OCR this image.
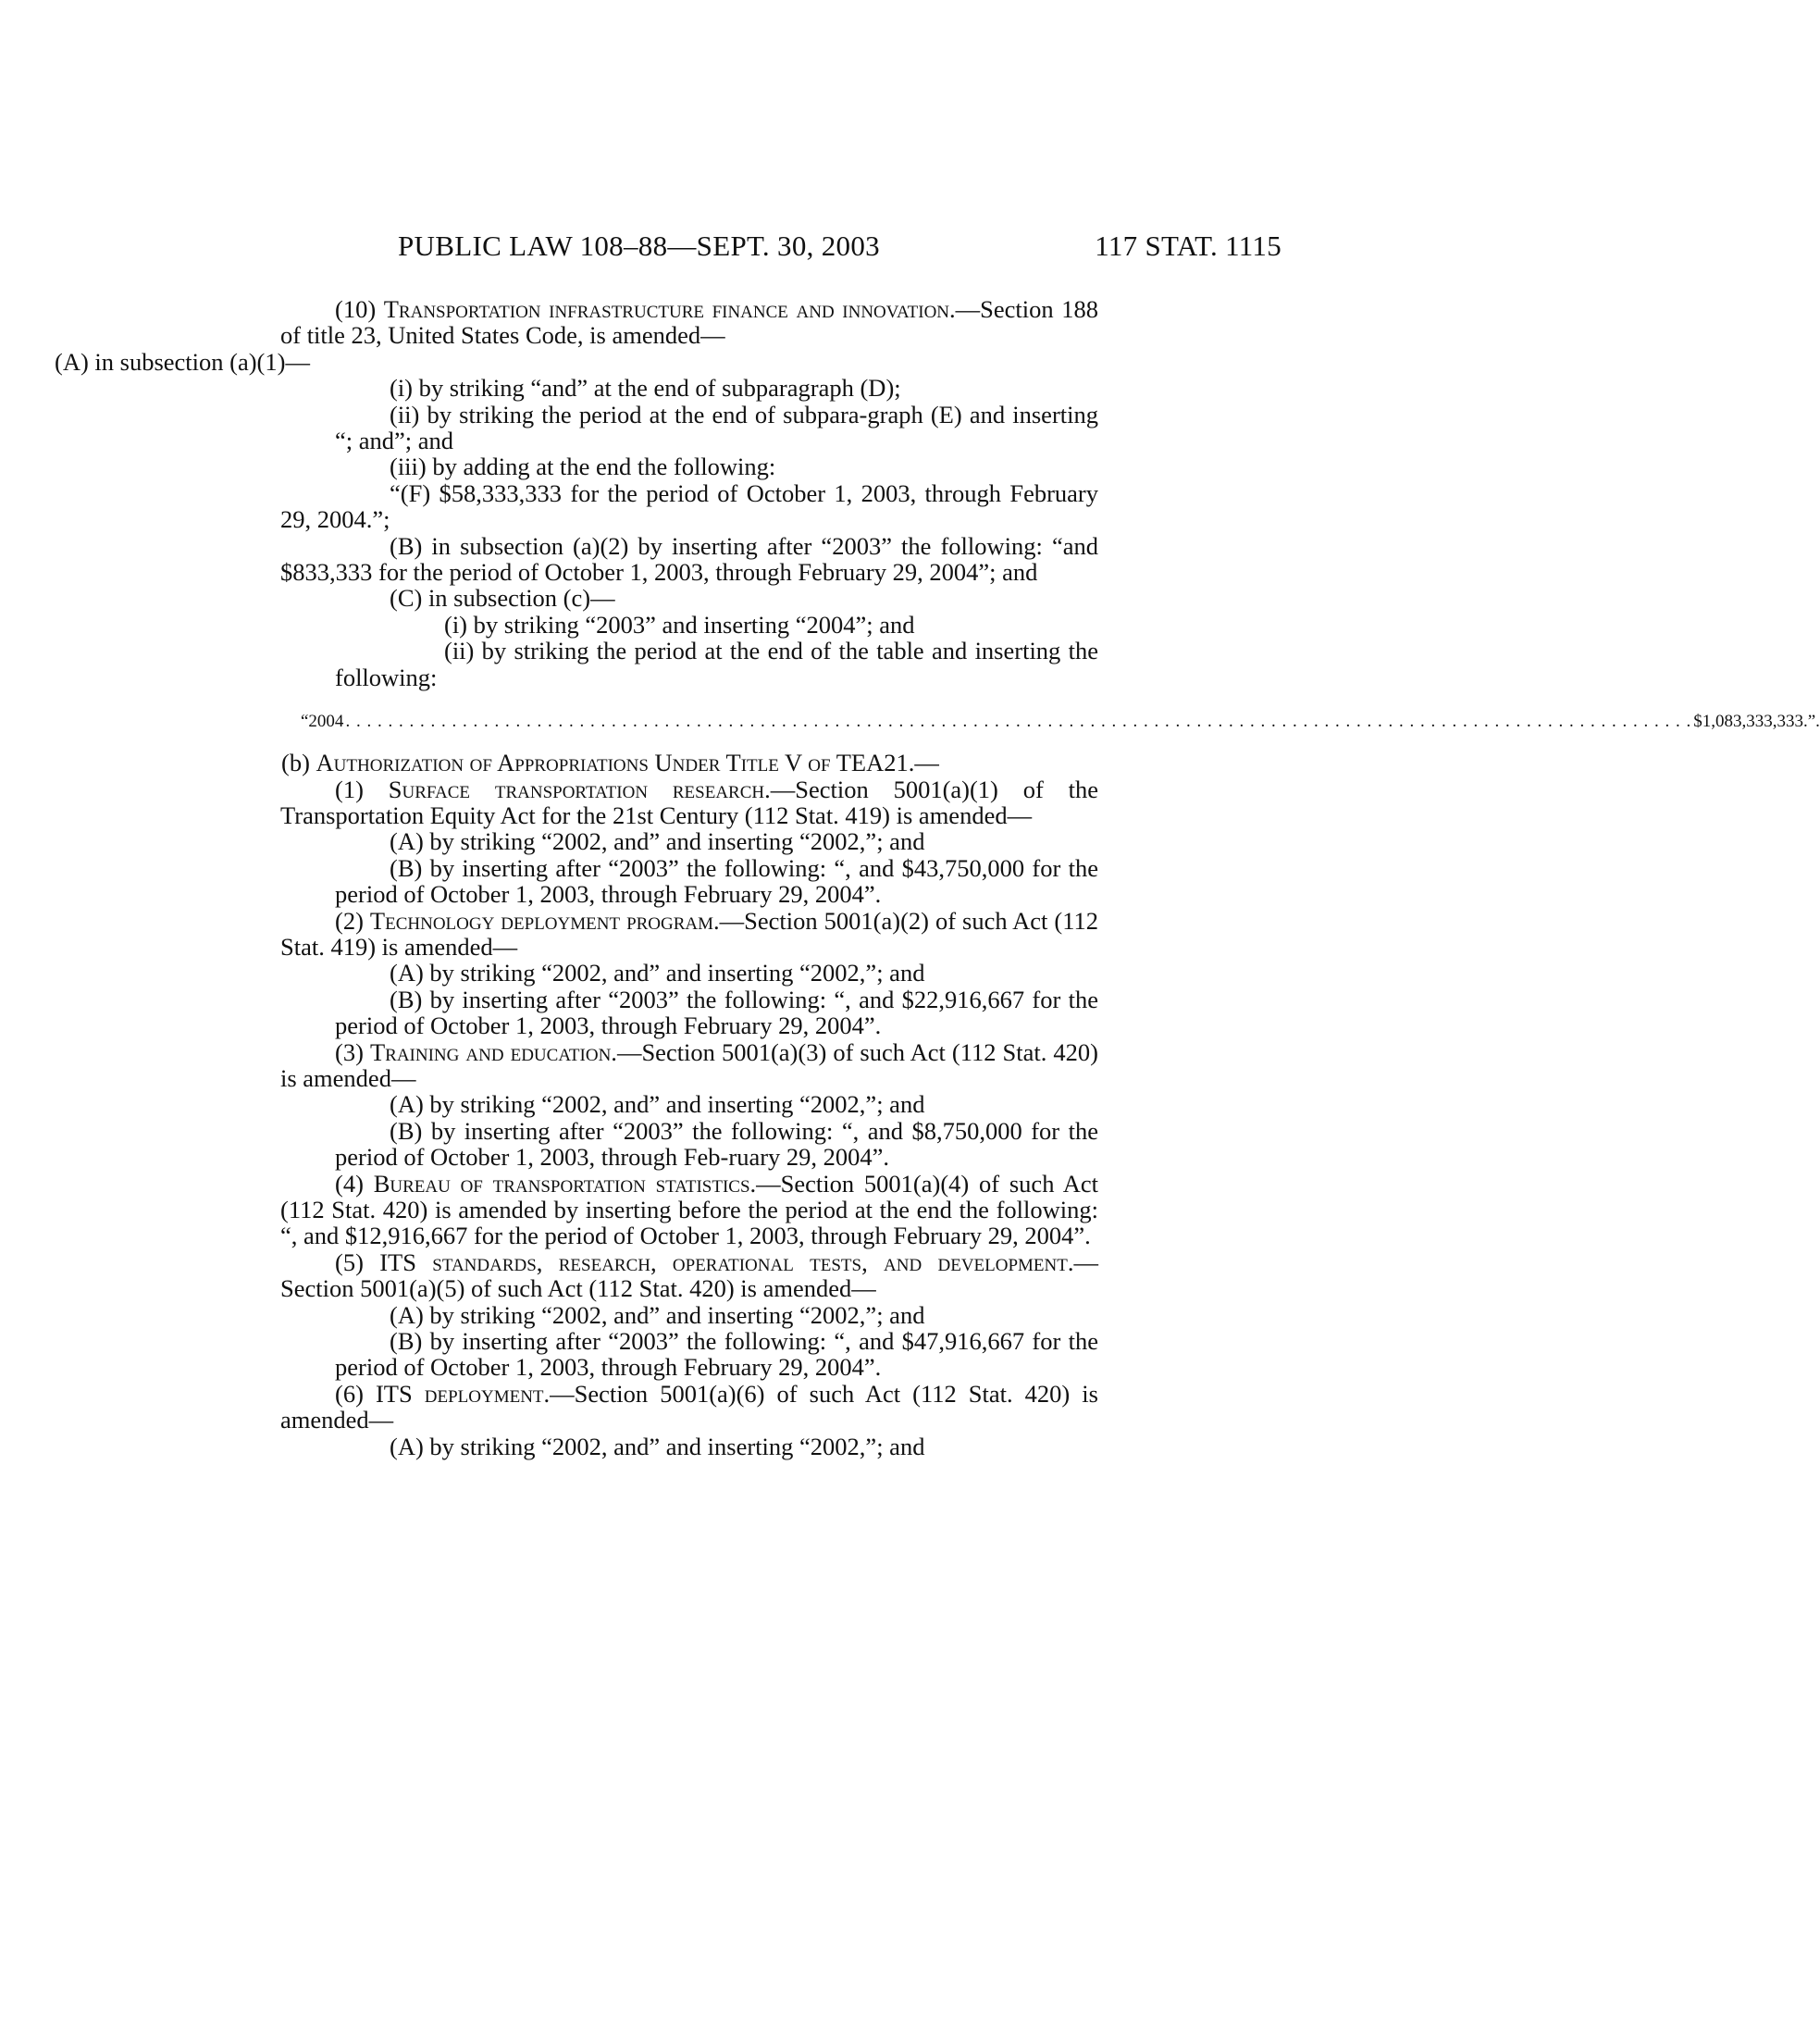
PUBLIC LAW 108–88—SEPT. 30, 2003	117 STAT. 1115

(10) Transportation infrastructure finance and innovation.—Section 188 of title 23, United States Code, is amended—

(A) in subsection (a)(1)—

(i) by striking “and” at the end of subparagraph (D);

(ii) by striking the period at the end of subpara-graph (E) and inserting “; and”; and

(iii) by adding at the end the following:

“(F) $58,333,333 for the period of October 1, 2003, through February 29, 2004.”;

(B) in subsection (a)(2) by inserting after “2003” the following: “and $833,333 for the period of October 1, 2003, through February 29, 2004”; and

(C) in subsection (c)—

(i) by striking “2003” and inserting “2004”; and

(ii) by striking the period at the end of the table and inserting the following:

“2004 . . . . . . . . . . . . . . . . . . . . . . . . . . . . . . . . . . . . . . . . . . . . . . . . . . . . . . . . . . . . . . . . . . . . . . . . . . . . . . . . . . . . . . . . . . . . . . . . . . . . . . . . . . . . . . . . . . . . . . . . . . . . . . . $1,083,333,333.”.

(b) Authorization of Appropriations Under Title V of TEA21.—

(1) Surface transportation research.—Section 5001(a)(1) of the Transportation Equity Act for the 21st Century (112 Stat. 419) is amended—

(A) by striking “2002, and” and inserting “2002,”; and

(B) by inserting after “2003” the following: “, and $43,750,000 for the period of October 1, 2003, through February 29, 2004”.

(2) Technology deployment program.—Section 5001(a)(2) of such Act (112 Stat. 419) is amended—

(A) by striking “2002, and” and inserting “2002,”; and

(B) by inserting after “2003” the following: “, and $22,916,667 for the period of October 1, 2003, through February 29, 2004”.

(3) Training and education.—Section 5001(a)(3) of such Act (112 Stat. 420) is amended—

(A) by striking “2002, and” and inserting “2002,”; and

(B) by inserting after “2003” the following: “, and $8,750,000 for the period of October 1, 2003, through Feb-ruary 29, 2004”.

(4) Bureau of transportation statistics.—Section 5001(a)(4) of such Act (112 Stat. 420) is amended by inserting before the period at the end the following: “, and $12,916,667 for the period of October 1, 2003, through February 29, 2004”.

(5) ITS standards, research, operational tests, and development.—Section 5001(a)(5) of such Act (112 Stat. 420) is amended—

(A) by striking “2002, and” and inserting “2002,”; and

(B) by inserting after “2003” the following: “, and $47,916,667 for the period of October 1, 2003, through February 29, 2004”.

(6) ITS deployment.—Section 5001(a)(6) of such Act (112 Stat. 420) is amended—

(A) by striking “2002, and” and inserting “2002,”; and
